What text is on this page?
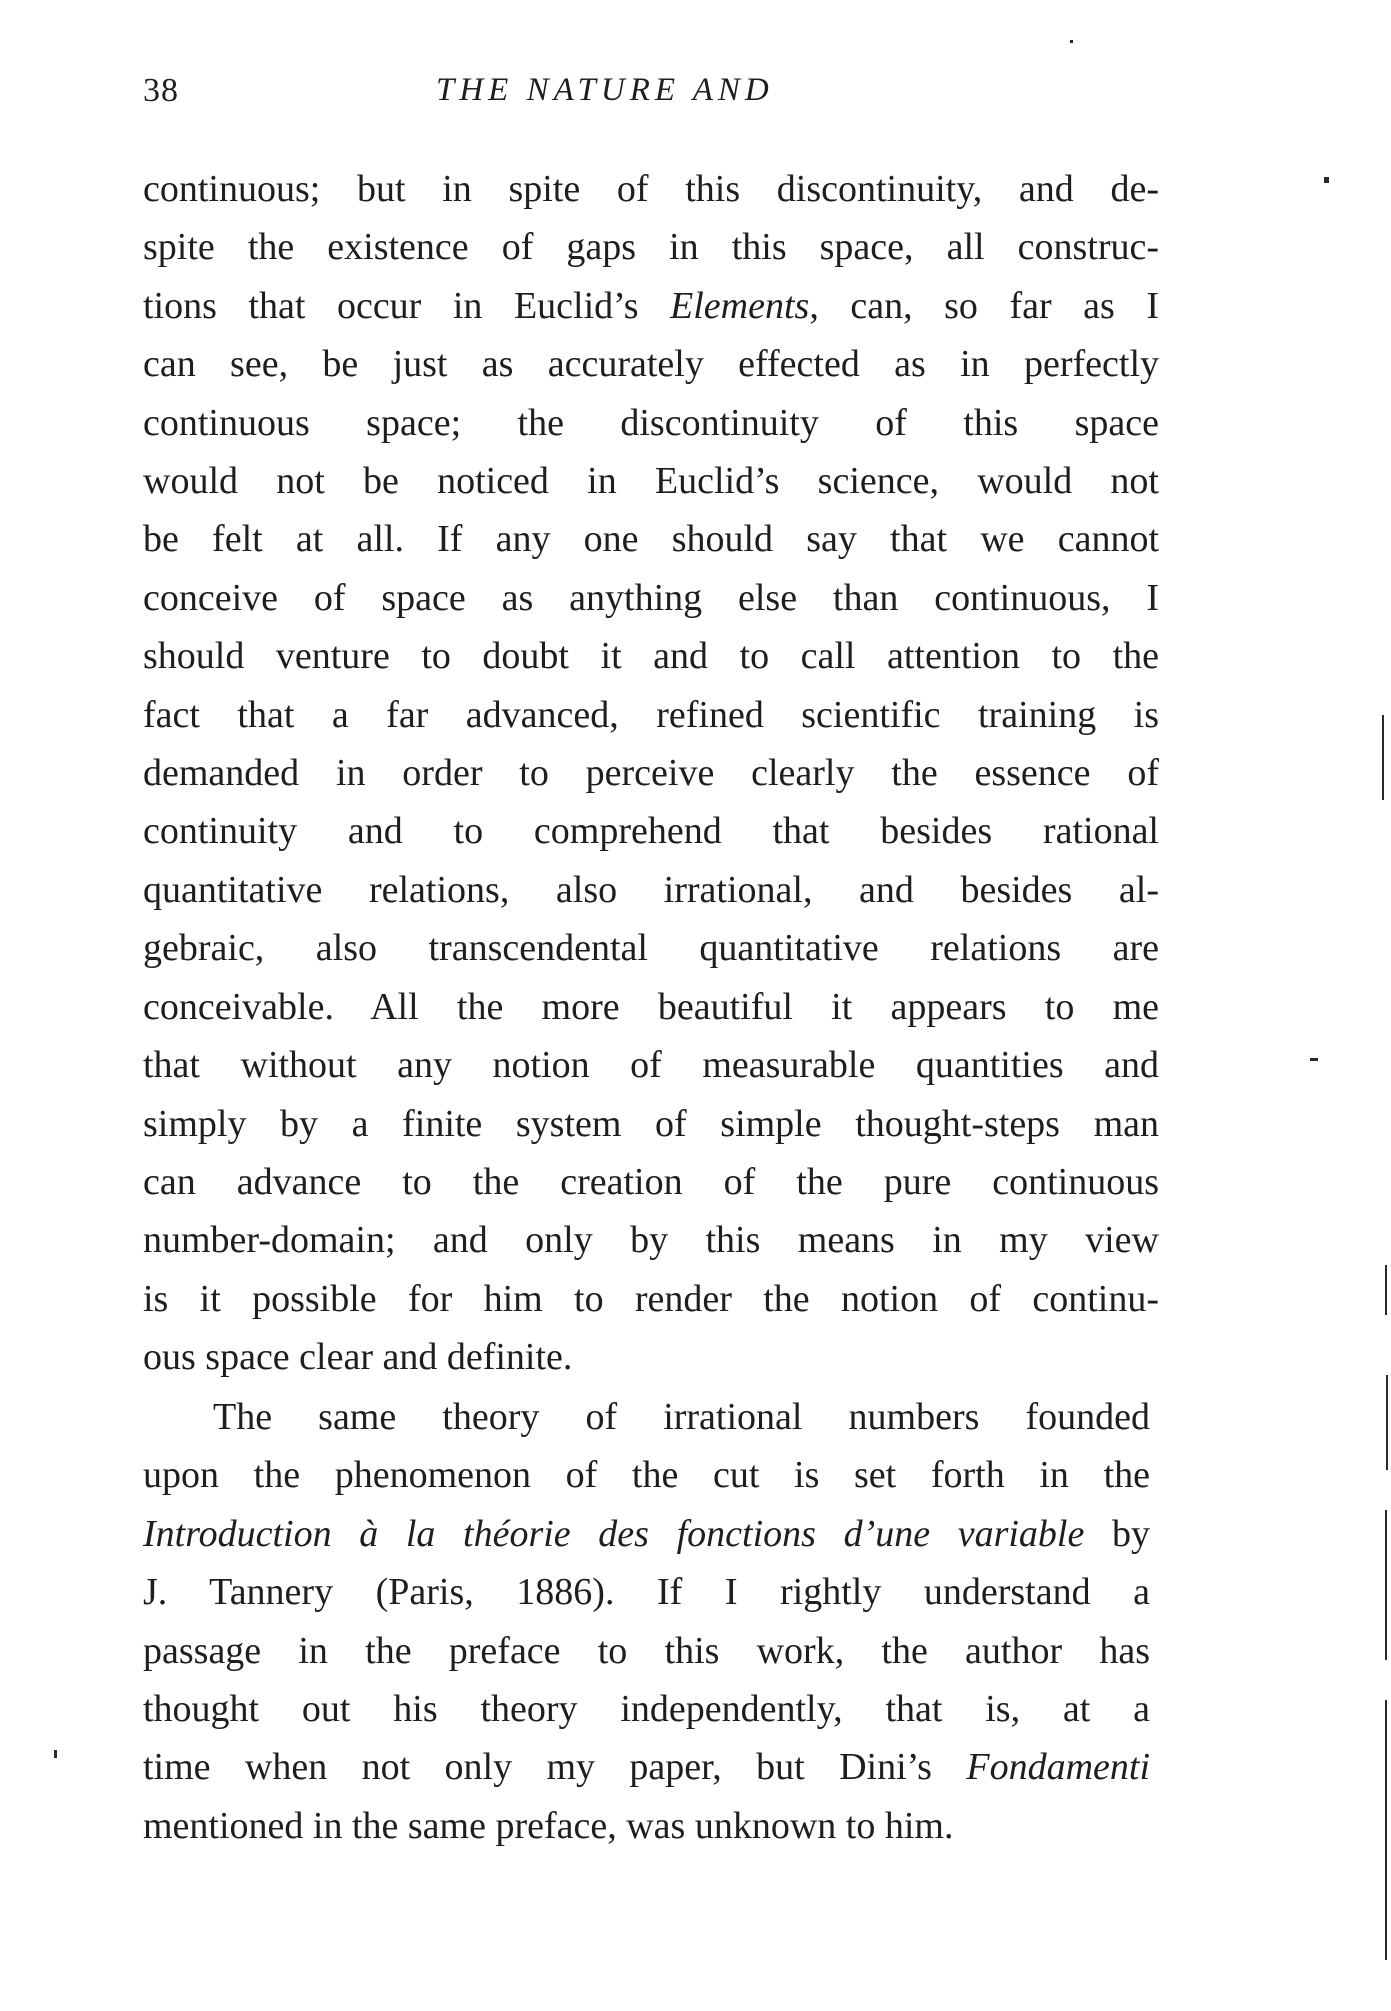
38	THE NATURE AND
continuous; but in spite of this discontinuity, and de-
spite the existence of gaps in this space, all construc-
tions that occur in Euclid’s Elements, can, so far as I
can see, be just as accurately effected as in perfectly
continuous space; the discontinuity of this space
would not be noticed in Euclid’s science, would not
be felt at all. If any one should say that we cannot
conceive of space as anything else than continuous, I
should venture to doubt it and to call attention to the
fact that a far advanced, refined scientific training is
demanded in order to perceive clearly the essence of
continuity and to comprehend that besides rational
quantitative relations, also irrational, and besides al-
gebraic, also transcendental quantitative relations are
conceivable. All the more beautiful it appears to me
that without any notion of measurable quantities and
simply by a finite system of simple thought-steps man
can advance to the creation of the pure continuous
number-domain; and only by this means in my view
is it possible for him to render the notion of continu-
ous space clear and definite.
The same theory of irrational numbers founded
upon the phenomenon of the cut is set forth in the
Introduction à la théorie des fonctions d’une variable by
J. Tannery (Paris, 1886). If I rightly understand a
passage in the preface to this work, the author has
thought out his theory independently, that is, at a
time when not only my paper, but Dini’s Fondamenti
mentioned in the same preface, was unknown to him.
